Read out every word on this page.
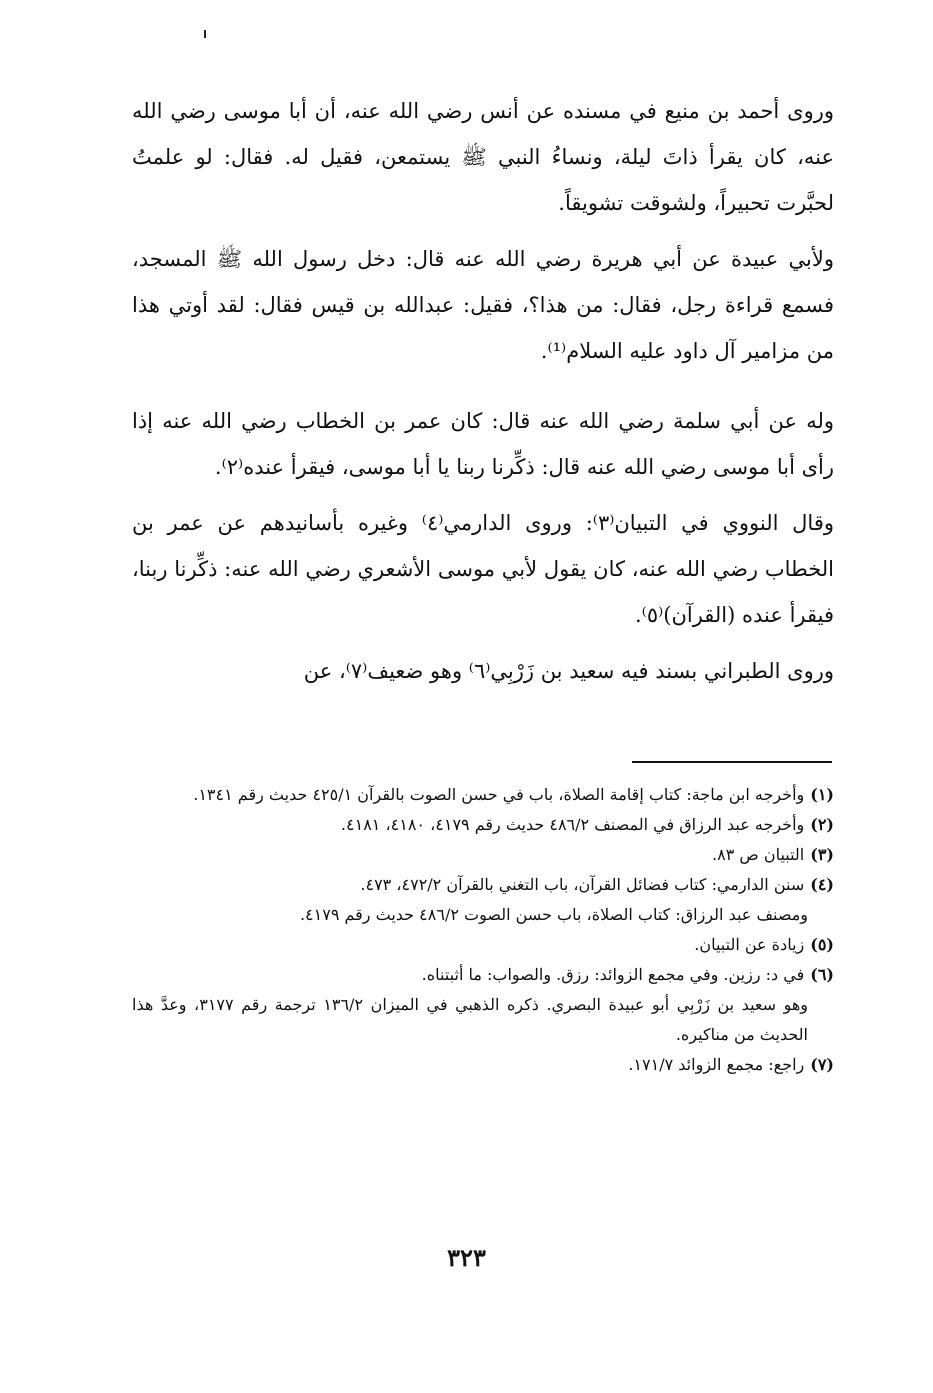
وروى أحمد بن منيع في مسنده عن أنس رضي الله عنه، أن أبا موسى رضي الله عنه، كان يقرأ ذاتَ ليلة، ونساءُ النبي ﷺ يستمعن، فقيل له. فقال: لو علمتُ لحبَّرت تحبيراً، ولشوقت تشويقاً.

ولأبي عبيدة عن أبي هريرة رضي الله عنه قال: دخل رسول الله ﷺ المسجد، فسمع قراءة رجل، فقال: من هذا؟، فقيل: عبدالله بن قيس فقال: لقد أوتي هذا من مزامير آل داود عليه السلام⁽¹⁾.

وله عن أبي سلمة رضي الله عنه قال: كان عمر بن الخطاب رضي الله عنه إذا رأى أبا موسى رضي الله عنه قال: ذكِّرنا ربنا يا أبا موسى، فيقرأ عنده⁽٢⁾.

وقال النووي في التبيان⁽٣⁾: وروى الدارمي⁽٤⁾ وغيره بأسانيدهم عن عمر بن الخطاب رضي الله عنه، كان يقول لأبي موسى الأشعري رضي الله عنه: ذكِّرنا ربنا، فيقرأ عنده (القرآن)⁽٥⁾.

وروى الطبراني بسند فيه سعيد بن زَرْبِي⁽٦⁾ وهو ضعيف⁽٧⁾، عن

(١)وأخرجه ابن ماجة: كتاب إقامة الصلاة، باب في حسن الصوت بالقرآن ٤٢٥/١ حديث رقم ١٣٤١.

(٢)وأخرجه عبد الرزاق في المصنف ٤٨٦/٢ حديث رقم ٤١٧٩، ٤١٨٠، ٤١٨١.

(٣)التبيان ص ٨٣.

(٤)سنن الدارمي: كتاب فضائل القرآن، باب التغني بالقرآن ٤٧٢/٢، ٤٧٣.

ومصنف عبد الرزاق: كتاب الصلاة، باب حسن الصوت ٤٨٦/٢ حديث رقم ٤١٧٩.

(٥)زيادة عن التبيان.

(٦)في د: رزين. وفي مجمع الزوائد: رزق. والصواب: ما أثبتناه.

وهو سعيد بن زَرْبِي أبو عبيدة البصري. ذكره الذهبي في الميزان ١٣٦/٢ ترجمة رقم ٣١٧٧، وعدَّ هذا الحديث من مناكيره.

(٧)راجع: مجمع الزوائد ١٧١/٧.

٣٢٣
